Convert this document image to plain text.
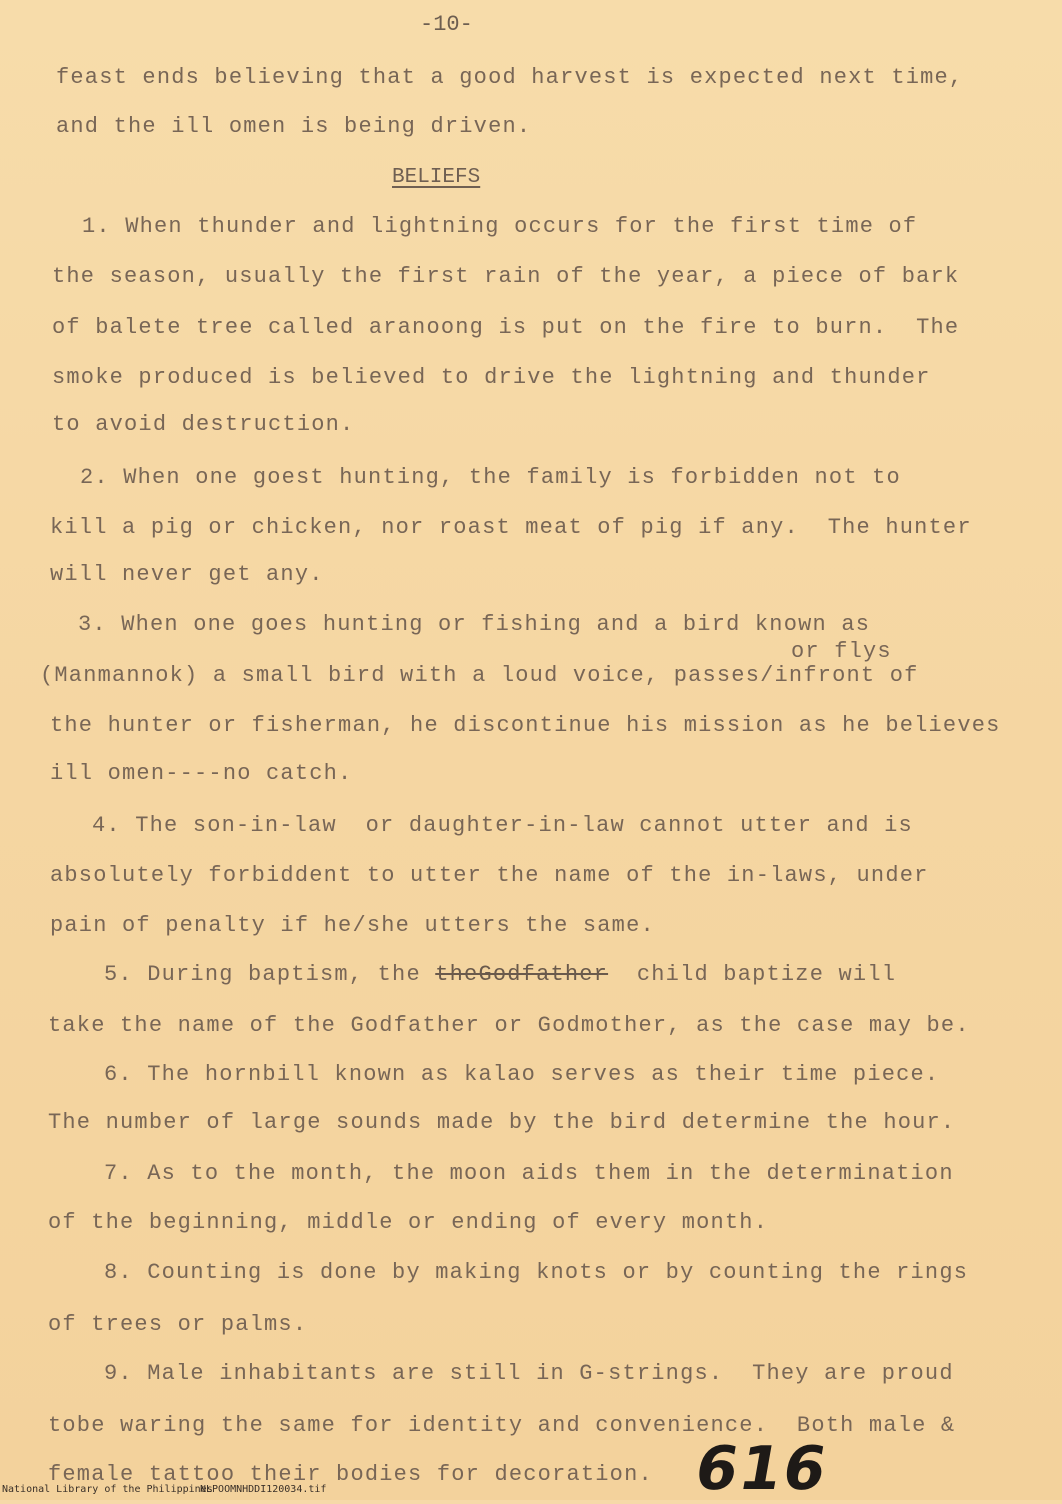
-10-
feast ends believing that a good harvest is expected next time,
and the ill omen is being driven.
BELIEFS
1. When thunder and lightning occurs for the first time of
the season, usually the first rain of the year, a piece of bark
of balete tree called aranoong is put on the fire to burn.  The
smoke produced is believed to drive the lightning and thunder
to avoid destruction.
2. When one goest hunting, the family is forbidden not to
kill a pig or chicken, nor roast meat of pig if any.  The hunter
will never get any.
3. When one goes hunting or fishing and a bird known as
or flys
(Manmannok) a small bird with a loud voice, passes/infront of
the hunter or fisherman, he discontinue his mission as he believes
ill omen----no catch.
4. The son-in-law  or daughter-in-law cannot utter and is
absolutely forbiddent to utter the name of the in-laws, under
pain of penalty if he/she utters the same.
5. During baptism, the theGodfather  child baptize will
take the name of the Godfather or Godmother, as the case may be.
6. The hornbill known as kalao serves as their time piece.
The number of large sounds made by the bird determine the hour.
7. As to the month, the moon aids them in the determination
of the beginning, middle or ending of every month.
8. Counting is done by making knots or by counting the rings
of trees or palms.
9. Male inhabitants are still in G-strings.  They are proud
tobe waring the same for identity and convenience.  Both male &
female tattoo their bodies for decoration. 616
National Library of the Philippines
NLPOOMNHDDI120034.tif
